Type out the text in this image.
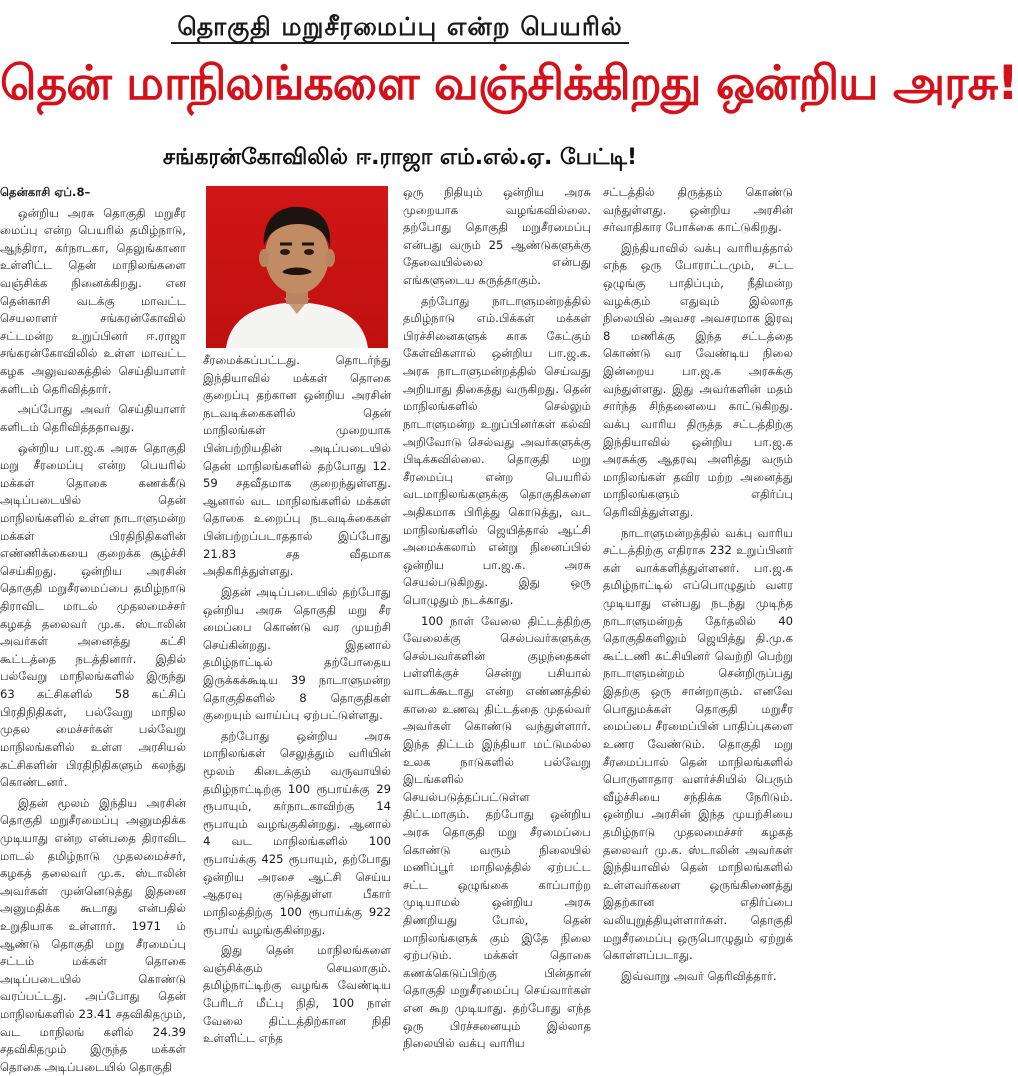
தொகுதி மறுசீரமைப்பு என்ற பெயரில்
தென் மாநிலங்களை வஞ்சிக்கிறது ஒன்றிய அரசு!
சங்கரன்கோவிலில் ஈ.ராஜா எம்.எல்.ஏ. பேட்டி!

தென்காசி ஏப்.8–

ஒன்றிய அரசு தொகுதி மறுசீர மைப்பு என்ற பெயரில் தமிழ்நாடு, ஆந்திரா, கர்நாடகா, தெலுங்கானா உள்ளிட்ட தென் மாநிலங்களை வஞ்சிக்க நினைக்கிறது. என தென்காசி வடக்கு மாவட்ட செயலாளர் சங்கரன்கோவில் சட்டமன்ற உறுப்பினர் ஈ.ராஜா சங்கரன்கோவிலில் உள்ள மாவட்ட கழக அலுவலகத்தில் செய்தியாளர் களிடம் தெரிவித்தார்.

அப்போது அவர் செய்தியாளர் களிடம் தெரிவித்ததாவது.

ஒன்றிய பா.ஜ.க அரசு தொகுதி மறு சீரமைப்பு என்ற பெயரில் மக்கள் தொகை கணக்கீடு அடிப்படையில் தென் மாநிலங்களில் உள்ள நாடாளுமன்ற மக்கள் பிரதிநிதிகளின் எண்ணிக்கையை குறைக்க சூழ்ச்சி செய்கிறது. ஒன்றிய அரசின் தொகுதி மறுசீரமைப்பை தமிழ்நாடு திராவிட மாடல் முதலமைச்சர் கழகத் தலைவர் மு.க. ஸ்டாலின் அவர்கள் அனைத்து கட்சி கூட்டத்தை நடத்தினார். இதில் பல்வேறு மாநிலங்களில் இருந்து 63 கட்சிகளில் 58 கட்சிப் பிரதிநிதிகள், பல்வேறு மாநில முதல மைச்சர்கள் பல்வேறு மாநிலங்களில் உள்ள அரசியல் கட்சிகளின் பிரதிநிதிகளும் கலந்து கொண்டனர்.

இதன் மூலம் இந்திய அரசின் தொகுதி மறுசீரமைப்பு அனுமதிக்க முடியாது என்ற என்பதை திராவிட மாடல் தமிழ்நாடு முதலமைச்சர், கழகத் தலைவர் மு.க. ஸ்டாலின் அவர்கள் முன்னெடுத்து இதனை அனுமதிக்க கூடாது என்பதில் உறுதியாக உள்ளார். 1971 ம் ஆண்டு தொகுதி மறு சீரமைப்பு சட்டம் மக்கள் தொகை அடிப்படையில் கொண்டு வரப்பட்டது. அப்போது தென் மாநிலங்களில் 23.41 சதவிகிதமும், வட மாநிலங் களில் 24.39 சதவிகிதமும் இருந்த மக்கள் தொகை அடிப்படையில் தொகுதி

சீரமைக்கப்பட்டது. தொடர்ந்து இந்தியாவில் மக்கள் தொகை குறைப்பு தற்கான ஒன்றிய அரசின் நடவடிக்கைகளில் தென் மாநிலங்கள் முறையாக பின்பற்றியதின் அடிப்படையில் தென் மாநிலங்களில் தற்போது 12. 59 சதவீதமாக குறைந்துள்ளது. ஆனால் வட மாநிலங்களில் மக்கள் தொகை உறைப்பு நடவடிக்கைகள் பின்பற்றப்படாததால் இப்போது 21.83 சத வீதமாக அதிகரித்துள்ளது.

இதன் அடிப்படையில் தற்போது ஒன்றிய அரசு தொகுதி மறு சீர மைப்பை கொண்டு வர முயற்சி செய்கின்றது. இதனால் தமிழ்நாட்டில் தற்போதைய இருக்கக்கூடிய 39 நாடாளுமன்ற தொகுதிகளில் 8 தொகுதிகள் குறையும் வாய்ப்பு ஏற்பட்டுள்ளது.

தற்போது ஒன்றிய அரசு மாநிலங்கள் செலுத்தும் வரியின் மூலம் கிடைக்கும் வருவாயில் தமிழ்நாட்டிற்கு 100 ரூபாய்க்கு 29 ரூபாயும், கர்நாடகாவிற்கு 14 ரூபாயும் வழங்குகின்றது. ஆனால் 4 வட மாநிலங்களில் 100 ரூபாய்க்கு 425 ரூபாயும், தற்போது ஒன்றிய அரசை ஆட்சி செய்ய ஆதரவு குடுத்துள்ள பீகார் மாநிலத்திற்கு 100 ரூபாய்க்கு 922 ரூபாய் வழங்குகின்றது.

இது தென் மாநிலங்களை வஞ்சிக்கும் செயலாகும். தமிழ்நாட்டிற்கு வழங்க வேண்டிய பேரிடர் மீட்பு நிதி, 100 நாள் வேலை திட்டத்திற்கான நிதி உள்ளிட்ட எந்த

ஒரு நிதியும் ஒன்றிய அரசு முறையாக வழங்கவில்லை. தற்போது தொகுதி மறுசீரமைப்பு என்பது வரும் 25 ஆண்டுகளுக்கு தேவையில்லை என்பது எங்களுடைய கருத்தாகும்.

தற்போது நாடாளுமன்றத்தில் தமிழ்நாடு எம்.பிக்கள் மக்கள் பிரச்சினைகளுக் காக கேட்கும் கேள்விகளால் ஒன்றிய பா.ஜ.க. அரசு நாடாளுமன்றத்தில் செய்வது அறியாது திகைத்து வருகிறது. தென் மாநிலங்களில் செல்லும் நாடாளுமன்ற உறுப்பினர்கள் கல்வி அறிவோடு செல்வது அவர்களுக்கு பிடிக்கவில்லை. தொகுதி மறு சீரமைப்பு என்ற பெயரில் வடமாநிலங்களுக்கு தொகுதிகளை அதிகமாக பிரித்து கொடுத்து, வட மாநிலங்களில் ஜெயித்தால் ஆட்சி அமைக்கலாம் என்று நினைப்பில் ஒன்றிய பா.ஜ.க. அரசு செயல்படுகிறது. இது ஒரு பொழுதும் நடக்காது.

100 நாள் வேலை திட்டத்திற்கு வேலைக்கு செல்பவர்களுக்கு செல்பவர்களின் குழந்தைகள் பள்ளிக்குச் சென்று பசியால் வாடக்கூடாது என்ற எண்ணத்தில் காலை உணவு திட்டத்தை முதல்வர் அவர்கள் கொண்டு வந்துள்ளார். இந்த திட்டம் இந்தியா மட்டுமல்ல உலக நாடுகளில் பல்வேறு இடங்களில் செயல்படுத்தப்பட்டுள்ள திட்டமாகும். தற்போது ஒன்றிய அரசு தொகுதி மறு சீரமைப்பை கொண்டு வரும் நிலையில் மணிப்பூர் மாநிலத்தில் ஏற்பட்ட சட்ட ஒழுங்கை காப்பாற்ற முடியாமல் ஒன்றிய அரசு திணறியது போல், தென் மாநிலங்களுக் கும் இதே நிலை ஏற்படும். மக்கள் தொகை கணக்கெடுப்பிற்கு பின்தான் தொகுதி மறுசீரமைப்பு செய்வார்கள் என கூற முடியாது. தற்போது எந்த ஒரு பிரச்சனையும் இல்லாத நிலையில் வக்பு வாரிய

சட்டத்தில் திருத்தம் கொண்டு வந்துள்ளது. ஒன்றிய அரசின் சர்வாதிகார போக்கை காட்டுகிறது.

இந்தியாவில் வக்பு வாரியத்தால் எந்த ஒரு போராட்டமும், சட்ட ஒழுங்கு பாதிப்பும், நீதிமன்ற வழக்கும் எதுவும் இல்லாத நிலையில் அவசர அவசரமாக இரவு 8 மணிக்கு இந்த சட்டத்தை கொண்டு வர வேண்டிய நிலை இன்றைய பா.ஜ.க அரசுக்கு வந்துள்ளது. இது அவர்களின் மதம் சார்ந்த சிந்தனையை காட்டுகிறது. வக்பு வாரிய திருத்த சட்டத்திற்கு இந்தியாவில் ஒன்றிய பா.ஜ.க அரசுக்கு ஆதரவு அளித்து வரும் மாநிலங்கள் தவிர மற்ற அனைத்து மாநிலங்களும் எதிர்ப்பு தெரிவித்துள்ளது.

நாடாளுமன்றத்தில் வக்பு வாரிய சட்டத்திற்கு எதிராக 232 உறுப்பினர் கள் வாக்களித்துள்ளனர். பா.ஜ.க தமிழ்நாட்டில் எப்பொழுதும் வளர முடியாது என்பது நடந்து முடிந்த நாடாளுமன்றத் தேர்தலில் 40 தொகுதிகளிலும் ஜெயித்து தி.மு.க கூட்டணி கட்சியினர் வெற்றி பெற்று நாடாளுமன்றம் சென்றிருப்பது இதற்கு ஒரு சான்றாகும். எனவே பொதுமக்கள் தொகுதி மறுசீர மைப்பை சீரமைப்பின் பாதிப்புகளை உணர வேண்டும். தொகுதி மறு சீரமைப்பால் தென் மாநிலங்களில் பொருளாதார வளர்ச்சியில் பெரும் வீழ்ச்சியை சந்திக்க நேரிடும். ஒன்றிய அரசின் இந்த முயற்சியை தமிழ்நாடு முதலமைச்சர் கழகத் தலைவர் மு.க. ஸ்டாலின் அவர்கள் இந்தியாவில் தென் மாநிலங்களில் உள்ளவர்களை ஒருங்கிணைத்து இதற்கான எதிர்ப்பை வலியுறுத்தியுள்ளார்கள். தொகுதி மறுசீரமைப்பு ஒருபொழுதும் ஏற்றுக் கொள்ளப்படாது.

இவ்வாறு அவர் தெரிவித்தார்.
